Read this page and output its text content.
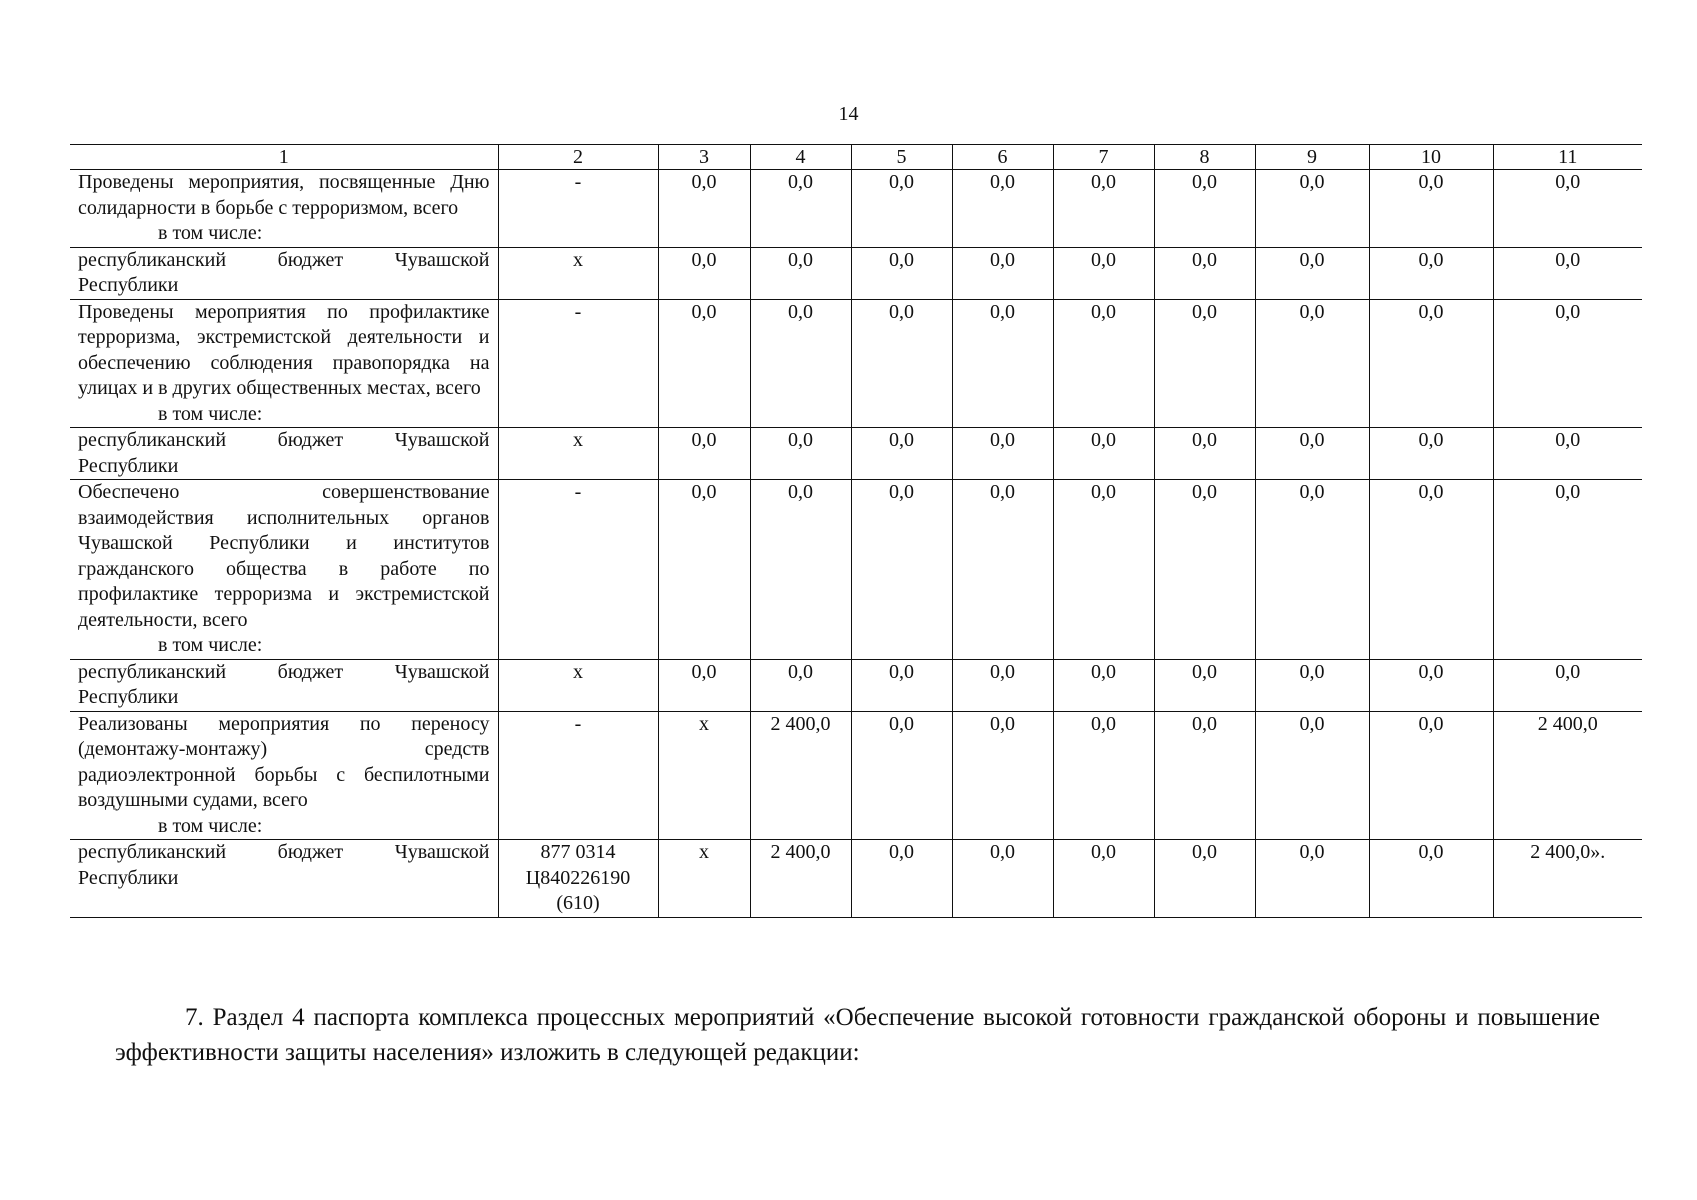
14
1	2	3	4	5	6	7	8	9	10	11

Проведены мероприятия, посвященные Дню солидарности в борьбе с терроризмом, всего
в том числе:	-	0,0	0,0	0,0	0,0	0,0	0,0	0,0	0,0	0,0

республиканский бюджет Чувашской Республики	x	0,0	0,0	0,0	0,0	0,0	0,0	0,0	0,0	0,0

Проведены мероприятия по профилактике терроризма, экстремистской деятельности и обеспечению соблюдения правопорядка на улицах и в других общественных местах, всего
в том числе:	-	0,0	0,0	0,0	0,0	0,0	0,0	0,0	0,0	0,0

республиканский бюджет Чувашской Республики	x	0,0	0,0	0,0	0,0	0,0	0,0	0,0	0,0	0,0

Обеспечено совершенствование взаимодействия исполнительных органов Чувашской Республики и институтов гражданского общества в работе по профилактике терроризма и экстремистской деятельности, всего
в том числе:	-	0,0	0,0	0,0	0,0	0,0	0,0	0,0	0,0	0,0

республиканский бюджет Чувашской Республики	x	0,0	0,0	0,0	0,0	0,0	0,0	0,0	0,0	0,0

Реализованы мероприятия по переносу (демонтажу-монтажу) средств радиоэлектронной борьбы с беспилотными воздушными судами, всего
в том числе:	-	x	2 400,0	0,0	0,0	0,0	0,0	0,0	0,0	2 400,0

республиканский бюджет Чувашской Республики	877 0314 Ц840226190 (610)	x	2 400,0	0,0	0,0	0,0	0,0	0,0	0,0	2 400,0».
7. Раздел 4 паспорта комплекса процессных мероприятий «Обеспечение высокой готовности гражданской обороны и повышение эффективности защиты населения» изложить в следующей редакции:
